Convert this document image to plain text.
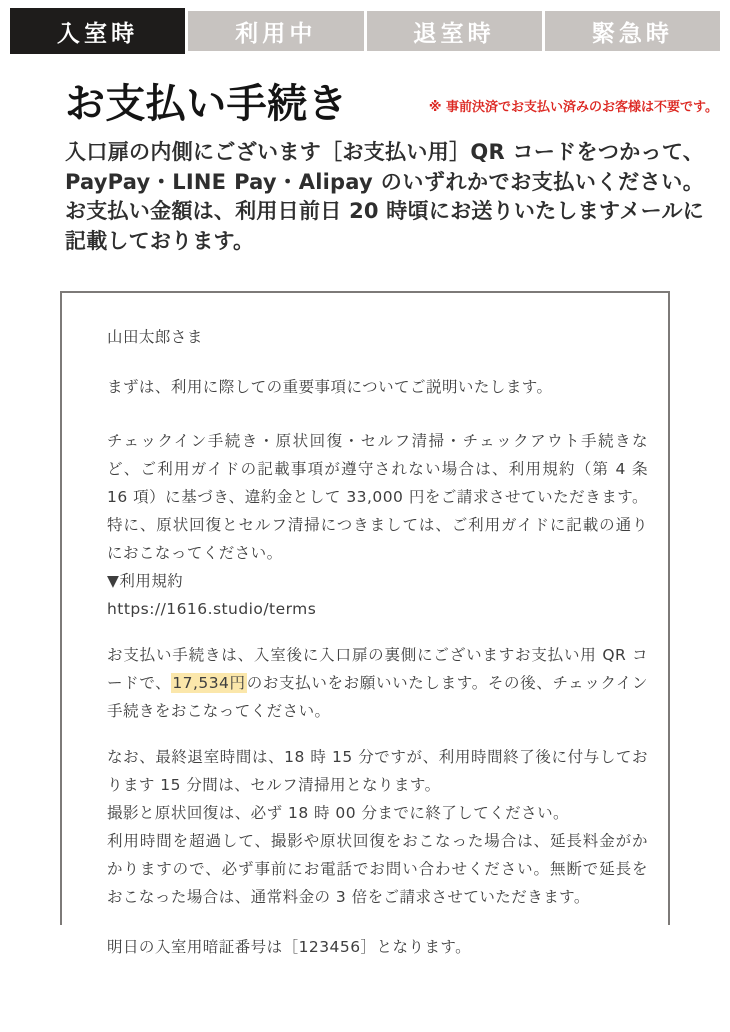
入室時	利用中	退室時	緊急時
お支払い手続き	※ 事前決済でお支払い済みのお客様は不要です。

入口扉の内側にございます［お支払い用］QR コードをつかって、PayPay・LINE Pay・Alipay のいずれかでお支払いください。お支払い金額は、利用日前日 20 時頃にお送りいたしますメールに記載しております。

山田太郎さま

まずは、利用に際しての重要事項についてご説明いたします。

チェックイン手続き・原状回復・セルフ清掃・チェックアウト手続きなど、ご利用ガイドの記載事項が遵守されない場合は、利用規約（第 4 条 16 項）に基づき、違約金として 33,000 円をご請求させていただきます。特に、原状回復とセルフ清掃につきましては、ご利用ガイドに記載の通りにおこなってください。

▼利用規約

https://1616.studio/terms

お支払い手続きは、入室後に入口扉の裏側にございますお支払い用 QR コードで、17,534円のお支払いをお願いいたします。その後、チェックイン手続きをおこなってください。

なお、最終退室時間は、18 時 15 分ですが、利用時間終了後に付与しております 15 分間は、セルフ清掃用となります。

撮影と原状回復は、必ず 18 時 00 分までに終了してください。

利用時間を超過して、撮影や原状回復をおこなった場合は、延長料金がかかりますので、必ず事前にお電話でお問い合わせください。無断で延長をおこなった場合は、通常料金の 3 倍をご請求させていただきます。

明日の入室用暗証番号は［123456］となります。
